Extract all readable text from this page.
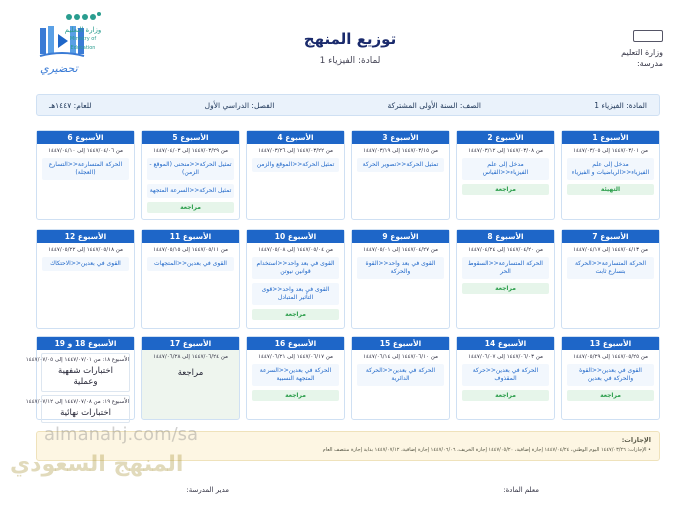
وزارة التعليم
مدرسة:
توزيع المنهج
لمادة: الفيزياء 1
تحضيري
وزارة التعليم
Ministry of Education
المادة: الفيزياء 1
الصف: السنة الأولى المشتركة
الفصل: الدراسي الأول
للعام: ١٤٤٧هـ
الأسبوع 1
من ١٤٤٧/٠٣/٠١ إلى ١٤٤٧/٠٣/٠٥
مدخل إلى علم الفيزياء<<الرياضيات و الفيزياء
التهيئة
الأسبوع 2
من ١٤٤٧/٠٣/٠٨ إلى ١٤٤٧/٠٣/١٢
مدخل إلى علم الفيزياء<<القياس
مراجعة
الأسبوع 3
من ١٤٤٧/٠٣/١٥ إلى ١٤٤٧/٠٣/١٩
تمثيل الحركة<<تصوير الحركة
الأسبوع 4
من ١٤٤٧/٠٣/٢٢ إلى ١٤٤٧/٠٣/٢٦
تمثيل الحركة<<الموقع والزمن
الأسبوع 5
من ١٤٤٧/٠٣/٢٩ إلى ١٤٤٧/٠٤/٠٣
تمثيل الحركة<<منحنى (الموقع - الزمن)
تمثيل الحركة<<السرعة المتجهة
مراجعة
الأسبوع 6
من ١٤٤٧/٠٤/٠٦ إلى ١٤٤٧/٠٤/١٠
الحركة المتسارعة<<التسارع (العجلة)
الأسبوع 7
من ١٤٤٧/٠٤/١٣ إلى ١٤٤٧/٠٤/١٧
الحركة المتسارعة<<الحركة بتسارع ثابت
الأسبوع 8
من ١٤٤٧/٠٤/٢٠ إلى ١٤٤٧/٠٤/٢٤
الحركة المتسارعة<<السقوط الحر
مراجعة
الأسبوع 9
من ١٤٤٧/٠٤/٢٧ إلى ١٤٤٧/٠٥/٠١
القوى في بعد واحد<<القوة والحركة
الأسبوع 10
من ١٤٤٧/٠٥/٠٤ إلى ١٤٤٧/٠٥/٠٨
القوى في بعد واحد<<استخدام قوانين نيوتن
القوى في بعد واحد<<قوى التأثير المتبادل
مراجعة
الأسبوع 11
من ١٤٤٧/٠٥/١١ إلى ١٤٤٧/٠٥/١٥
القوى في بعدين<<المتجهات
الأسبوع 12
من ١٤٤٧/٠٥/١٨ إلى ١٤٤٧/٠٥/٢٢
القوى في بعدين<<الاحتكاك
الأسبوع 13
من ١٤٤٧/٠٥/٢٥ إلى ١٤٤٧/٠٥/٢٩
القوى في بعدين<<القوة والحركة في بعدين
مراجعة
الأسبوع 14
من ١٤٤٧/٠٦/٠٣ إلى ١٤٤٧/٠٦/٠٧
الحركة في بعدين<<حركة المقذوف
مراجعة
الأسبوع 15
من ١٤٤٧/٠٦/١٠ إلى ١٤٤٧/٠٦/١٤
الحركة في بعدين<<الحركة الدائرية
الأسبوع 16
من ١٤٤٧/٠٦/١٧ إلى ١٤٤٧/٠٦/٢١
الحركة في بعدين<<السرعة المتجهة النسبية
مراجعة
الأسبوع 17
من ١٤٤٧/٠٦/٢٤ إلى ١٤٤٧/٠٦/٢٨
مراجعة
الأسبوع 18 و 19
الأسبوع ١٨: من ١٤٤٧/٠٧/٠١ إلى ١٤٤٧/٠٧/٠٥
اختبارات شفهية وعملية
الأسبوع ١٩: من ١٤٤٧/٠٧/٠٨ إلى ١٤٤٧/٠٧/١٢
اختبارات نهائية
الإجازات:
• الإجازات: ١٤٤٧/٠٣/٢٦ اليوم الوطني، ١٤٤٧/٠٤/٢٤ إجازة إضافية، ١٤٤٧/٠٥/٢٠ إجازة الخريف، ١٤٤٧/٠٦/٠٦ إجازة إضافية، ١٤٤٧/٠٧/١٢ بداية إجازة منتصف العام
معلم المادة:
مدير المدرسة:
almanahj.com/sa
المنهج السعودي
